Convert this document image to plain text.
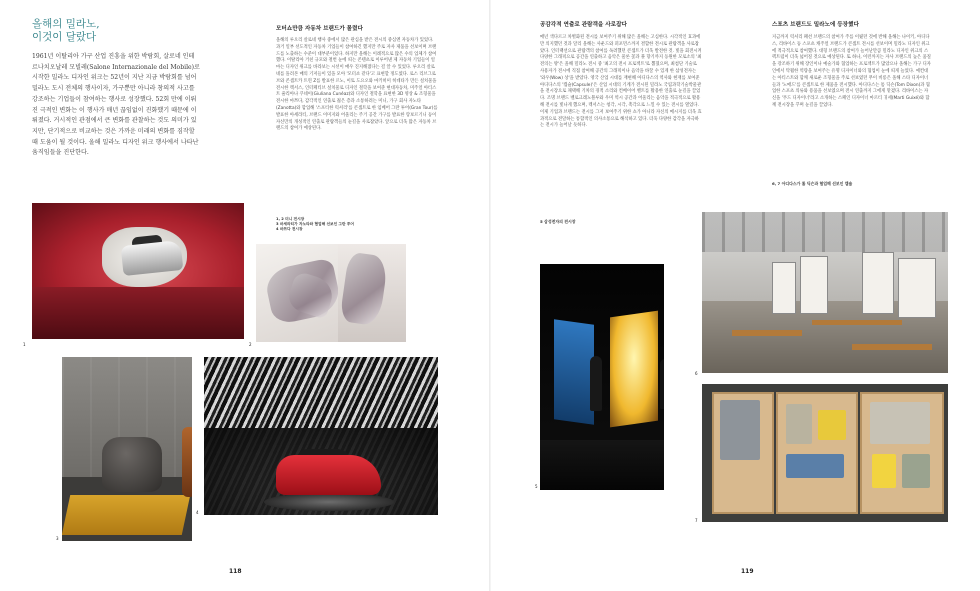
올해의 밀라노,
이것이 달랐다
1961년 이탈리아 가구 산업 진흥을 위한 박람회, 살로네 인테르나치오날레 모빌레(Salone Internazionale del Mobile)로 시작한 밀라노 디자인 위크는 52년이 지난 지금 박람회를 넘어 밀라노 도시 전체의 행사이자, 가구뿐만 아니라 창의적 사고를 강조하는 기업들이 참여하는 행사로 성장했다. 52회 만에 이뤄진 극적인 변화는 이 행사가 매년 끊임없이 진화했기 때문에 이뤄졌다. 거시적인 관점에서 큰 변화를 관찰하는 것도 의미가 있지만, 단기적으로 비교하는 것은 가까운 미래의 변화를 짐작할 때 도움이 될 것이다. 올해 밀라노 디자인 위크 행사에서 나타난 움직임들을 진단한다.
모터쇼만큼 자동차 브랜드가 몰렸다
올해의 루오리 살로네 행사 중에서 많은 관심을 받은 전시의 중심엔 자동차가 있었다. 과거 일부 선도적인 자동차 기업들이 참여하긴 했지만 주로 자사 제품을 선보이며 브랜드를 노출하는 수준이 대부분이었다. 하지만 올해는 이례적으로 많은 수의 업체가 참여했다. 이탈리아 거친 규모와 철번 눈에 띄는 콘텐츠로 이루어낸 제 자동차 기업들이 얼마는 디자인 위크를 바라보는 시선이 매우 진지해졌다는 걸 알 수 있었다. 루오리 살로네를 돌려본 매의 기저들이 있을 모아 '모터쇼 같다'고 표현할 정도였다. 로스 리브그로브와 콘셉트카 트윈 Z를 발표한 르노, 이토 도요오와 마키히미 히데타가 만든 설치물을 전시한 렉서스, 인터페티브 설치물로 디자인 철학을 보여준 현대자동차, 미주얼 아티스트 줄리아나 쿠네이(Giuliana Cunéaz)와 디자인 철학을 표현한 3D 영상 & 조형물을 전시한 마쯔다, 감각적인 연출로 젊은 층과 소통하려는 미니, 가구 회사 자노타(Zanotta)와 합업해 '스포티한 럭셔리'를 콘셉트로 한 임베어 그란 투어(Gran Tour)를 발표한 아세라티, 브랜드 이미지와 어울리는 주거 공간 가구를 발표한 랑보르기니 등이 자신만의 개성적인 연출로 관람객들의 눈길을 사로잡았다. 앞으로 더욱 많은 자동차 브랜드의 참여가 예상된다.
1, 2 미니 전시장
3 마세라티가 자노타와 협업해 선보인 그란 투어
4 마쯔다 전시장
1	2
3
4
118
공감각적 연출로 관람객을 사로잡다
매년 색다르고 차별화된 전시를 보여주기 위해 많은 올해는 고심한다. 시각적인 효과에만 의지했던 것과 달리 올해는 사운드와 퍼포먼스까지 결합한 전시로 관람객을 사로잡았다. 인터랙션으로 관람객의 참여를 독려했던 콘셉트가 더욱 발전한 것. 빛을 회전시켜 다양한 그래픽으로 공간을 연출하고 음악은 물론 꽃과 풀 향기까지 동원한 모로소의 '최전의는 방'은 올해 밀라노 전시 중 '최고의 전시 프로젝트'로 뽑혔으며, 최첨단 기술로 사용자가 전시에 직접 참여해 공간의 그래픽이나 음악을 바꿀 수 있게 한 삼성전자는 '와우(Wow) 상'을 받았다. 영국 산업 시대를 재현해 아디다스의 역사와 현재를 보여준 아디다스의 '캡슐(Capsule)'은 산업 시대의 기계가 전시된 밀라노 국립과학기술박물관을 전시장으로 채택해 기차의 경적 소리와 컨베이어 벨트를 활용한 연출로 눈길을 끌었다. 조명 브랜드 벨로크레노블루와 우미 역시 공간과 어울리는 음악을 적극적으로 활용해 전시를 빛나게 했으며, 렉서스는 청각, 시각, 촉각으로 느낄 수 있는 전시를 열었다. 이제 기업과 브랜드는 전시를 그저 보여주기 위한 쇼가 아니라 자신의 메시지를 더욱 효과적으로 전달하는 통합적인 의사소통으로 해석하고 있다. 더욱 다양한 감각을 자극하는 전시가 늘어날 듯하다.
5 삼성전자의 전시장
스포츠 브랜드도 밀라노에 등장했다
지금까지 럭셔리 패션 브랜드의 참여가 주를 이뤘던 것에 반해 올해는 나이키, 아디다스, 리바이스 등 스포츠 캐주얼 브랜드가 콘셉트 전시를 선보이며 밀라노 디자인 위크에 적극적으로 참여했다. 대형 브랜드의 참여가 늘어난만큼 밀라노 디자인 위크의 스펙트럼이 더욱 넓어질 것으로 예상된다. 또 하나, 이런까지는 자사 브랜드의 높은 품질을 강조하기 위해 장인이나 예술가와 협업하는 프로젝트가 많았으나 올해는 가구 디자인에서 탁월한 역량을 보여주는 유명 디자이너와의 협업이 눈에 띄게 늘었다. 예컨대는 아티스트와 함께 새로운 조형물을 주로 선보였던 무이 비롱은 올해 스타 디자이너들과 '노매드'를 콘셉트로 한 제품을 전시했다. 아디다스는 톰 딕슨(Tom Dixon)과 협업한 스포츠 의류와 용품을 선보였으며 전시 연출까지 그에게 맡겼다. 리바이스는 자신을 '푸드 디자이너'라고 소개하는 스페인 디자이너 마르티 귀세(Marti Guixé)와 함께 전시장을 꾸며 눈길을 끌었다.
6, 7 아디다스가 톰 딕슨과 협업해 선보인 캡슐
5
6
7
119
